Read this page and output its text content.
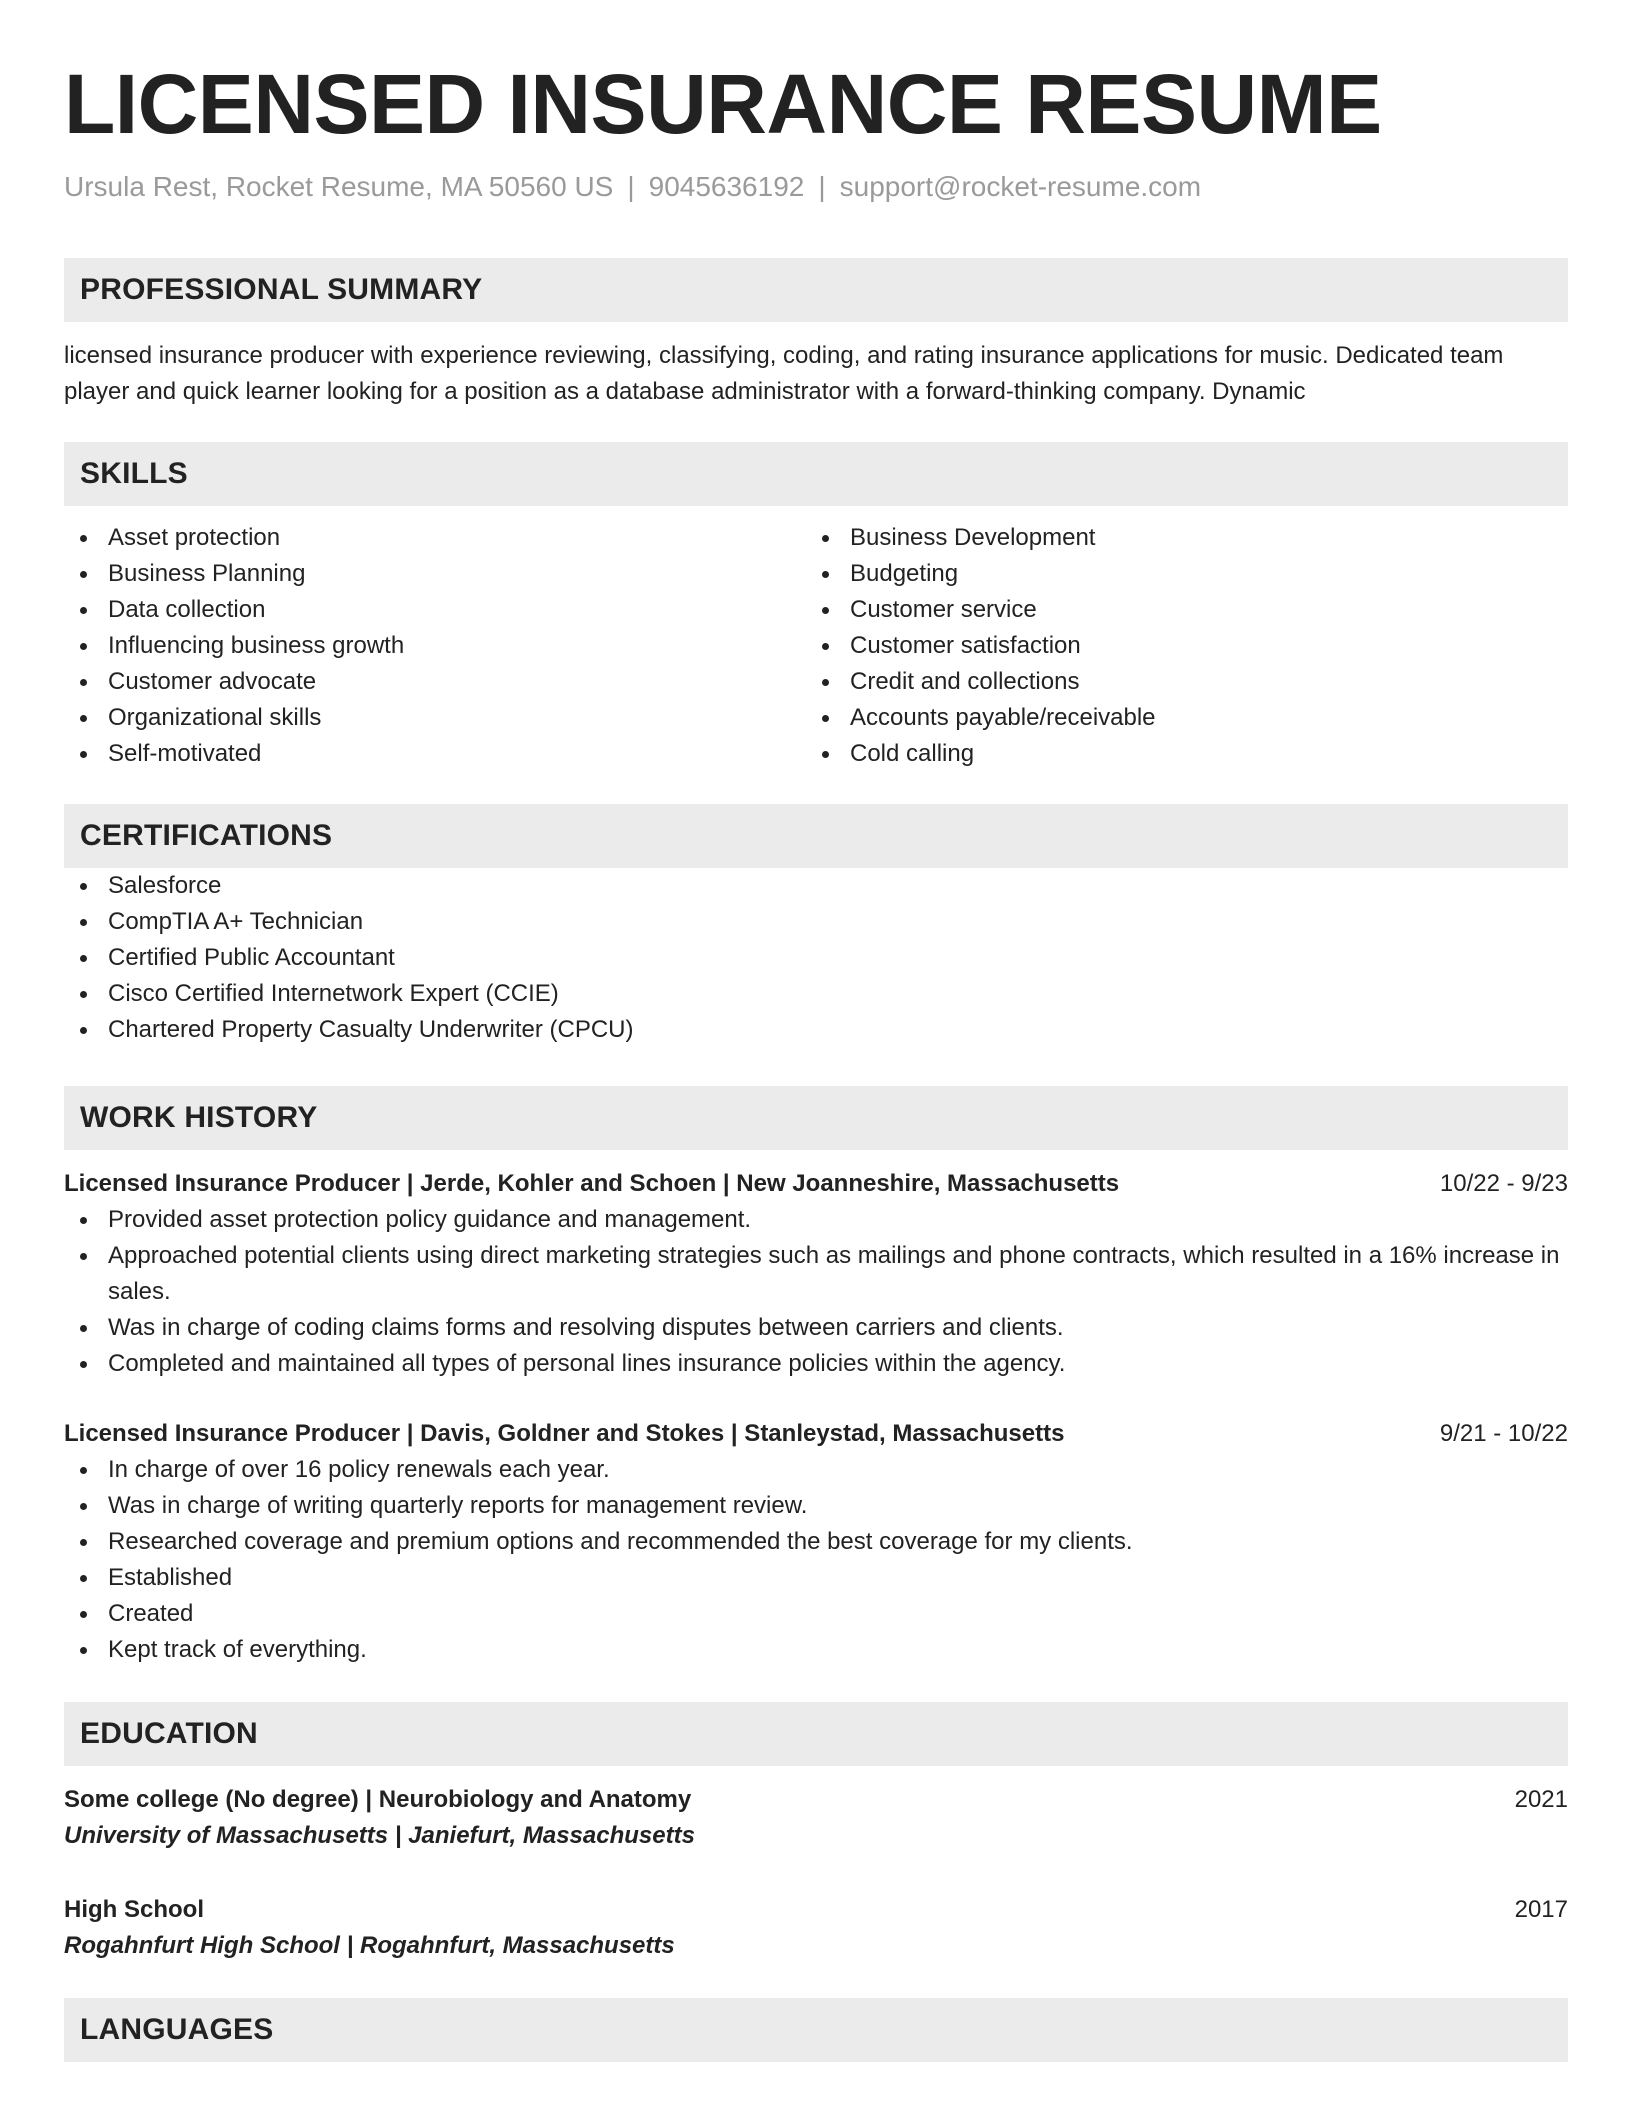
LICENSED INSURANCE RESUME
Ursula Rest, Rocket Resume, MA 50560 US | 9045636192 | support@rocket-resume.com
PROFESSIONAL SUMMARY
licensed insurance producer with experience reviewing, classifying, coding, and rating insurance applications for music. Dedicated team player and quick learner looking for a position as a database administrator with a forward-thinking company. Dynamic
SKILLS
Asset protection
Business Planning
Data collection
Influencing business growth
Customer advocate
Organizational skills
Self-motivated
Business Development
Budgeting
Customer service
Customer satisfaction
Credit and collections
Accounts payable/receivable
Cold calling
CERTIFICATIONS
Salesforce
CompTIA A+ Technician
Certified Public Accountant
Cisco Certified Internetwork Expert (CCIE)
Chartered Property Casualty Underwriter (CPCU)
WORK HISTORY
Licensed Insurance Producer | Jerde, Kohler and Schoen | New Joanneshire, Massachusetts	10/22 - 9/23
Provided asset protection policy guidance and management.
Approached potential clients using direct marketing strategies such as mailings and phone contracts, which resulted in a 16% increase in sales.
Was in charge of coding claims forms and resolving disputes between carriers and clients.
Completed and maintained all types of personal lines insurance policies within the agency.
Licensed Insurance Producer | Davis, Goldner and Stokes | Stanleystad, Massachusetts	9/21 - 10/22
In charge of over 16 policy renewals each year.
Was in charge of writing quarterly reports for management review.
Researched coverage and premium options and recommended the best coverage for my clients.
Established
Created
Kept track of everything.
EDUCATION
Some college (No degree) | Neurobiology and Anatomy	2021
University of Massachusetts | Janiefurt, Massachusetts
High School	2017
Rogahnfurt High School | Rogahnfurt, Massachusetts
LANGUAGES
